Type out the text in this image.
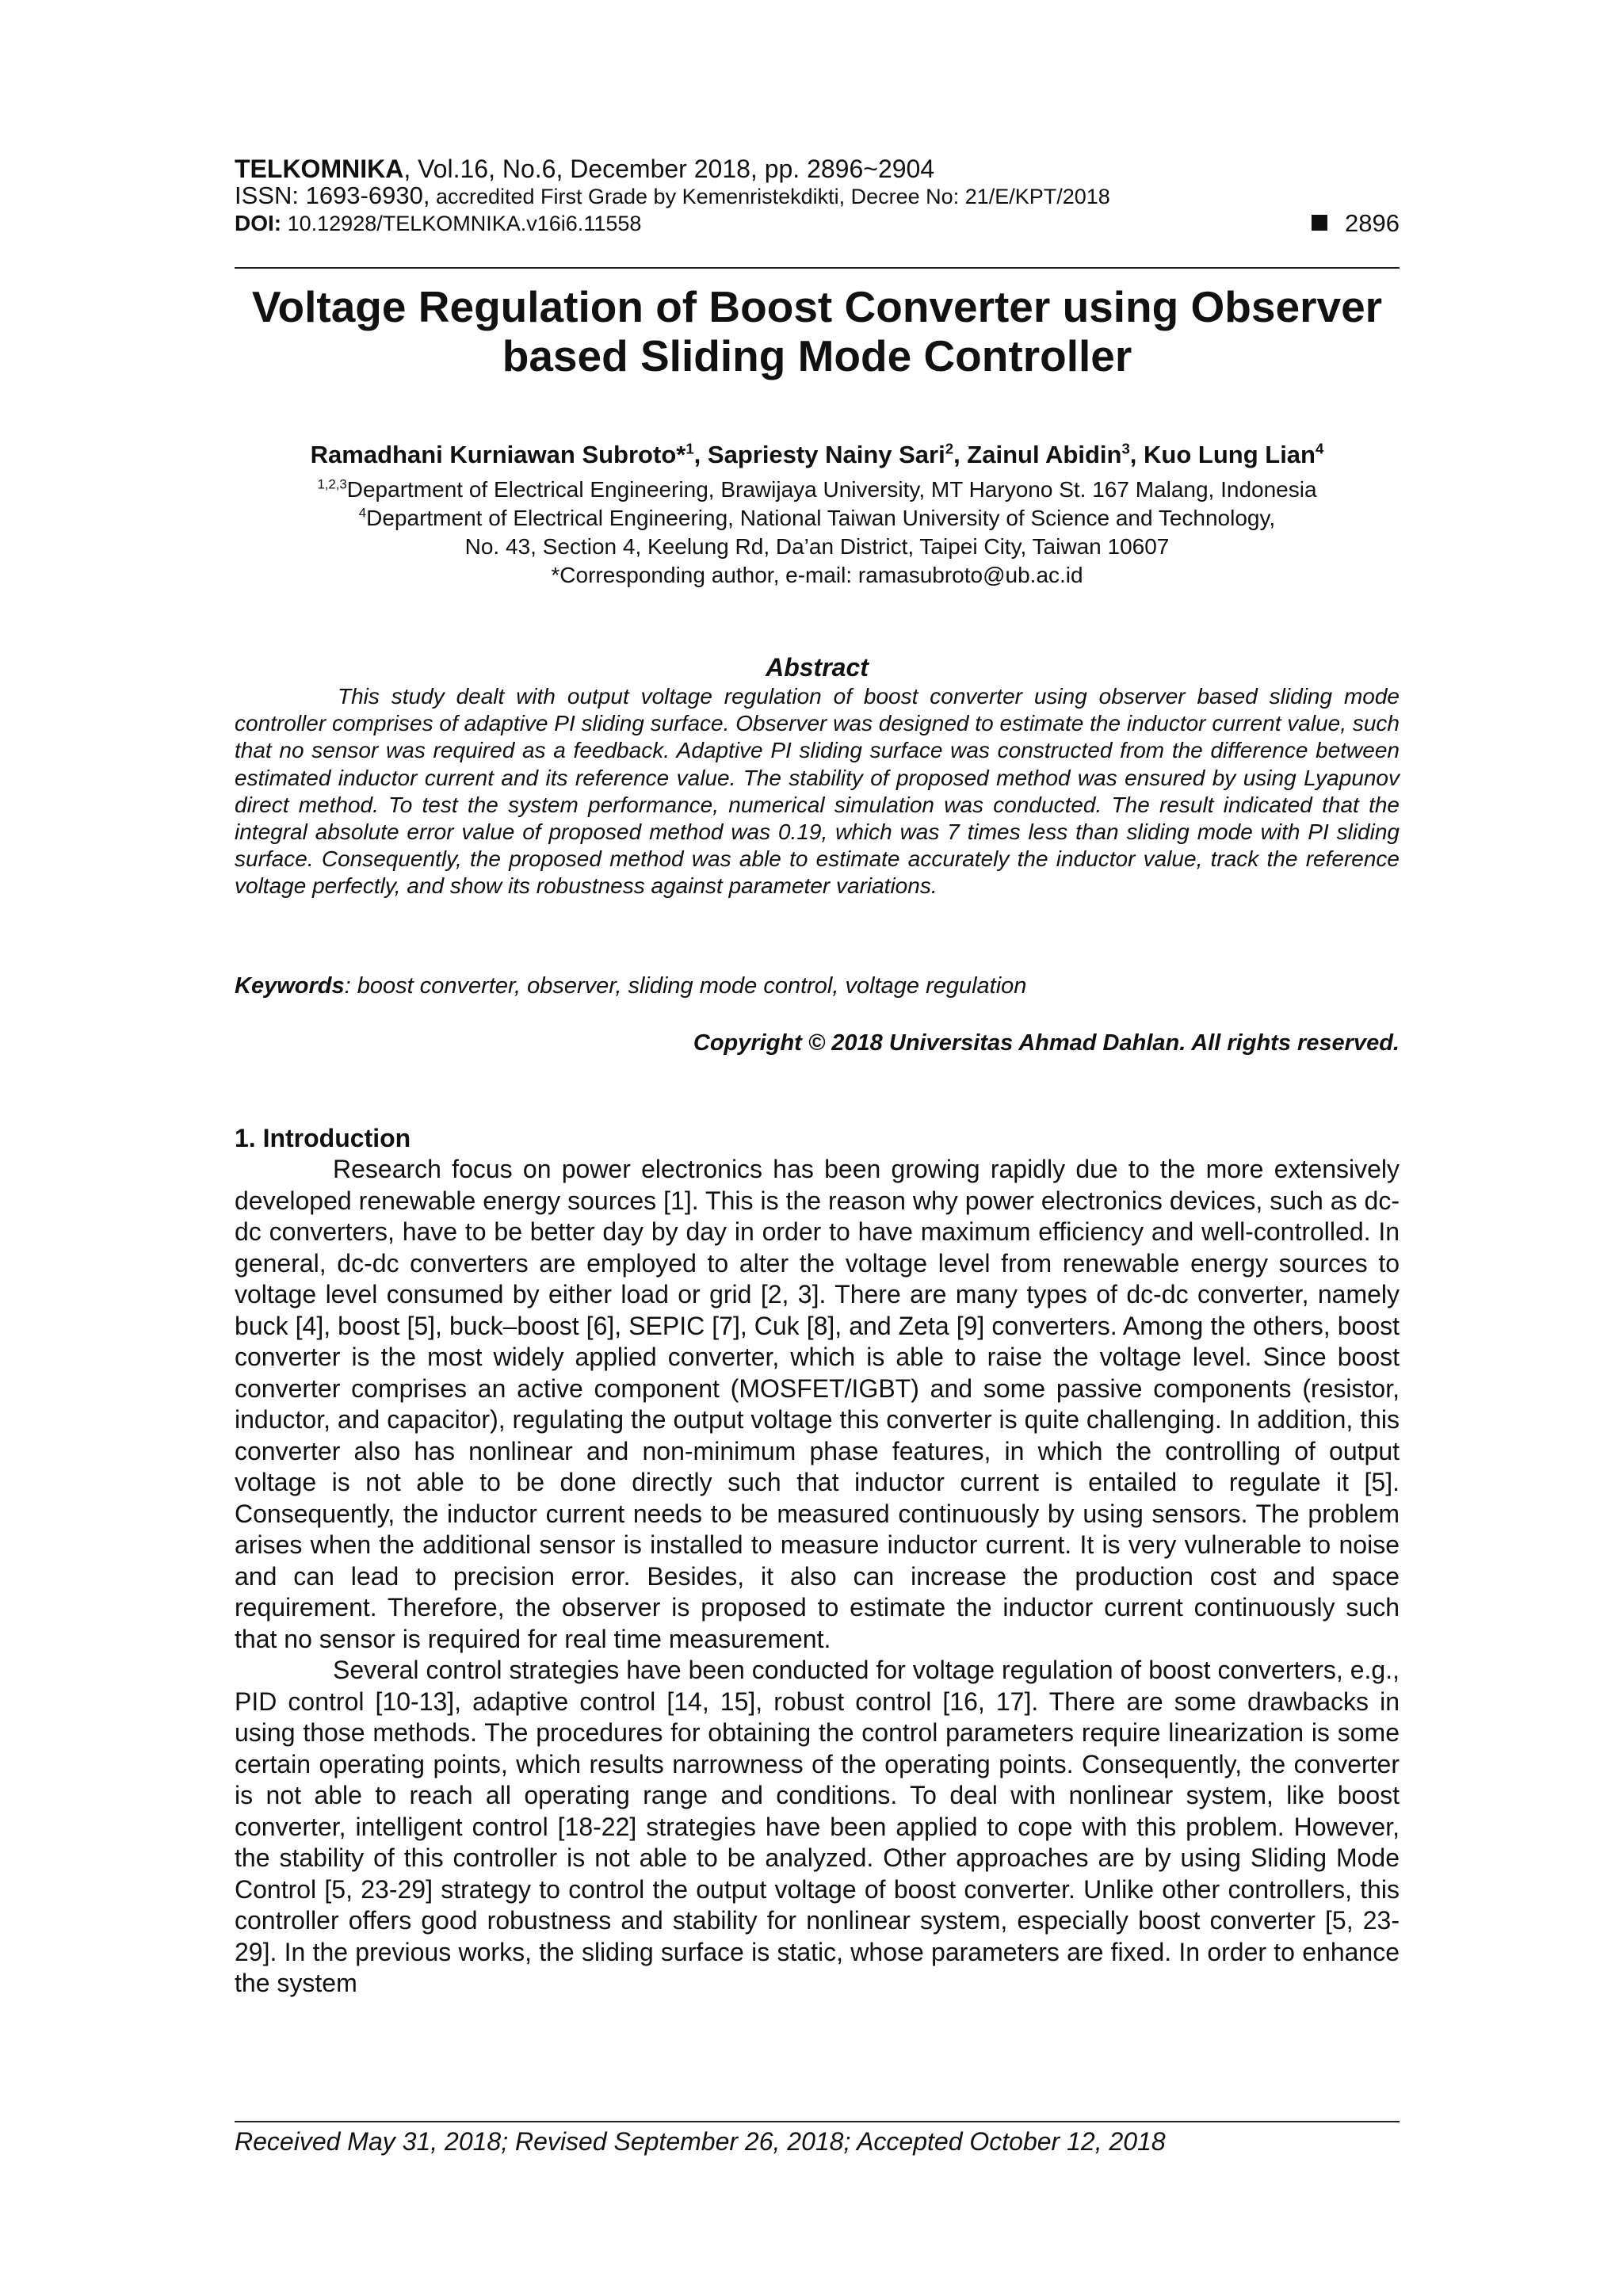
TELKOMNIKA, Vol.16, No.6, December 2018, pp. 2896~2904
ISSN: 1693-6930, accredited First Grade by Kemenristekdikti, Decree No: 21/E/KPT/2018
DOI: 10.12928/TELKOMNIKA.v16i6.11558	2896
Voltage Regulation of Boost Converter using Observer
based Sliding Mode Controller
Ramadhani Kurniawan Subroto*$^1$, Sapriesty Nainy Sari$^2$, Zainul Abidin$^3$, Kuo Lung Lian$^4$
$^{1,2,3}$Department of Electrical Engineering, Brawijaya University, MT Haryono St. 167 Malang, Indonesia
$^4$Department of Electrical Engineering, National Taiwan University of Science and Technology,
No. 43, Section 4, Keelung Rd, Da’an District, Taipei City, Taiwan 10607
*Corresponding author, e-mail: ramasubroto@ub.ac.id
Abstract

This study dealt with output voltage regulation of boost converter using observer based sliding mode controller comprises of adaptive PI sliding surface. Observer was designed to estimate the inductor current value, such that no sensor was required as a feedback. Adaptive PI sliding surface was constructed from the difference between estimated inductor current and its reference value. The stability of proposed method was ensured by using Lyapunov direct method. To test the system performance, numerical simulation was conducted. The result indicated that the integral absolute error value of proposed method was 0.19, which was 7 times less than sliding mode with PI sliding surface. Consequently, the proposed method was able to estimate accurately the inductor value, track the reference voltage perfectly, and show its robustness against parameter variations.

Keywords: boost converter, observer, sliding mode control, voltage regulation
Copyright © 2018 Universitas Ahmad Dahlan. All rights reserved.
1. Introduction

Research focus on power electronics has been growing rapidly due to the more extensively developed renewable energy sources [1]. This is the reason why power electronics devices, such as dc-dc converters, have to be better day by day in order to have maximum efficiency and well-controlled. In general, dc-dc converters are employed to alter the voltage level from renewable energy sources to voltage level consumed by either load or grid [2, 3]. There are many types of dc-dc converter, namely buck [4], boost [5], buck–boost [6], SEPIC [7], Cuk [8], and Zeta [9] converters. Among the others, boost converter is the most widely applied converter, which is able to raise the voltage level. Since boost converter comprises an active component (MOSFET/IGBT) and some passive components (resistor, inductor, and capacitor), regulating the output voltage this converter is quite challenging. In addition, this converter also has nonlinear and non-minimum phase features, in which the controlling of output voltage is not able to be done directly such that inductor current is entailed to regulate it [5]. Consequently, the inductor current needs to be measured continuously by using sensors. The problem arises when the additional sensor is installed to measure inductor current. It is very vulnerable to noise and can lead to precision error. Besides, it also can increase the production cost and space requirement. Therefore, the observer is proposed to estimate the inductor current continuously such that no sensor is required for real time measurement.

Several control strategies have been conducted for voltage regulation of boost converters, e.g., PID control [10-13], adaptive control [14, 15], robust control [16, 17]. There are some drawbacks in using those methods. The procedures for obtaining the control parameters require linearization is some certain operating points, which results narrowness of the operating points. Consequently, the converter is not able to reach all operating range and conditions. To deal with nonlinear system, like boost converter, intelligent control [18-22] strategies have been applied to cope with this problem. However, the stability of this controller is not able to be analyzed. Other approaches are by using Sliding Mode Control [5, 23-29] strategy to control the output voltage of boost converter. Unlike other controllers, this controller offers good robustness and stability for nonlinear system, especially boost converter [5, 23-29]. In the previous works, the sliding surface is static, whose parameters are fixed. In order to enhance the system

Received May 31, 2018; Revised September 26, 2018; Accepted October 12, 2018
